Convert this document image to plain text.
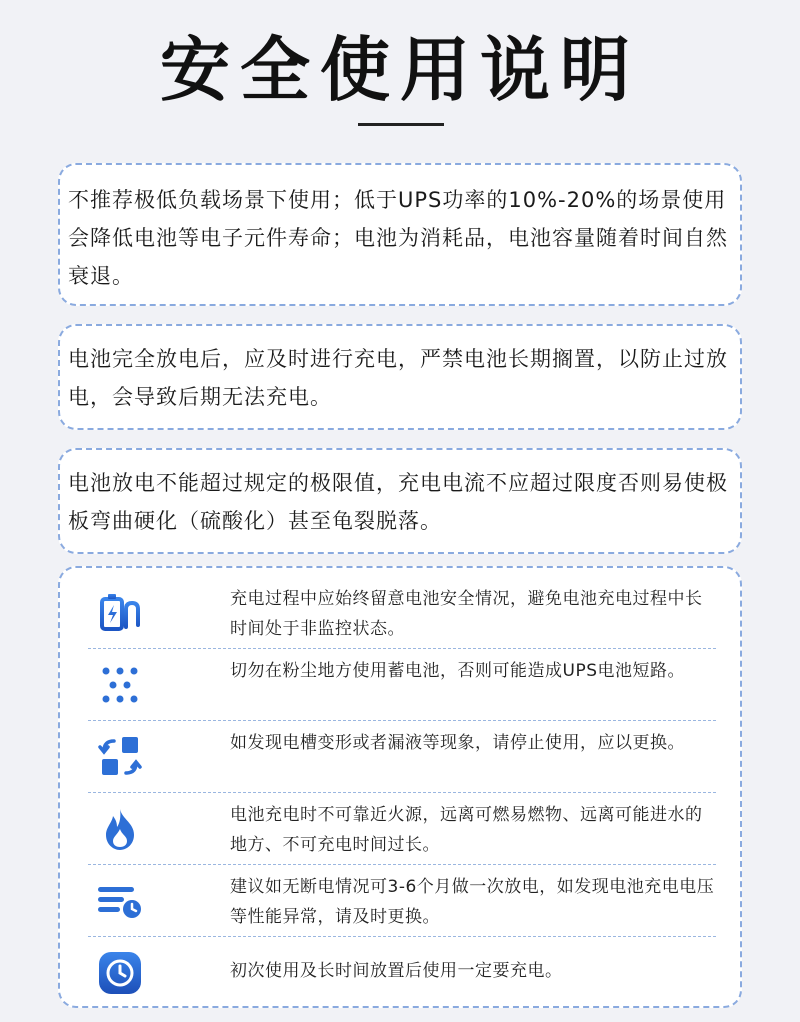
安全使用说明
不推荐极低负载场景下使用；低于UPS功率的10%-20%的场景使用会降低电池等电子元件寿命；电池为消耗品，电池容量随着时间自然衰退。
电池完全放电后，应及时进行充电，严禁电池长期搁置，以防止过放电，会导致后期无法充电。
电池放电不能超过规定的极限值，充电电流不应超过限度否则易使极板弯曲硬化（硫酸化）甚至龟裂脱落。
充电过程中应始终留意电池安全情况，避免电池充电过程中长时间处于非监控状态。
切勿在粉尘地方使用蓄电池，否则可能造成UPS电池短路。
如发现电槽变形或者漏液等现象，请停止使用，应以更换。
电池充电时不可靠近火源，远离可燃易燃物、远离可能进水的地方、不可充电时间过长。
建议如无断电情况可3-6个月做一次放电，如发现电池充电电压等性能异常，请及时更换。
初次使用及长时间放置后使用一定要充电。
